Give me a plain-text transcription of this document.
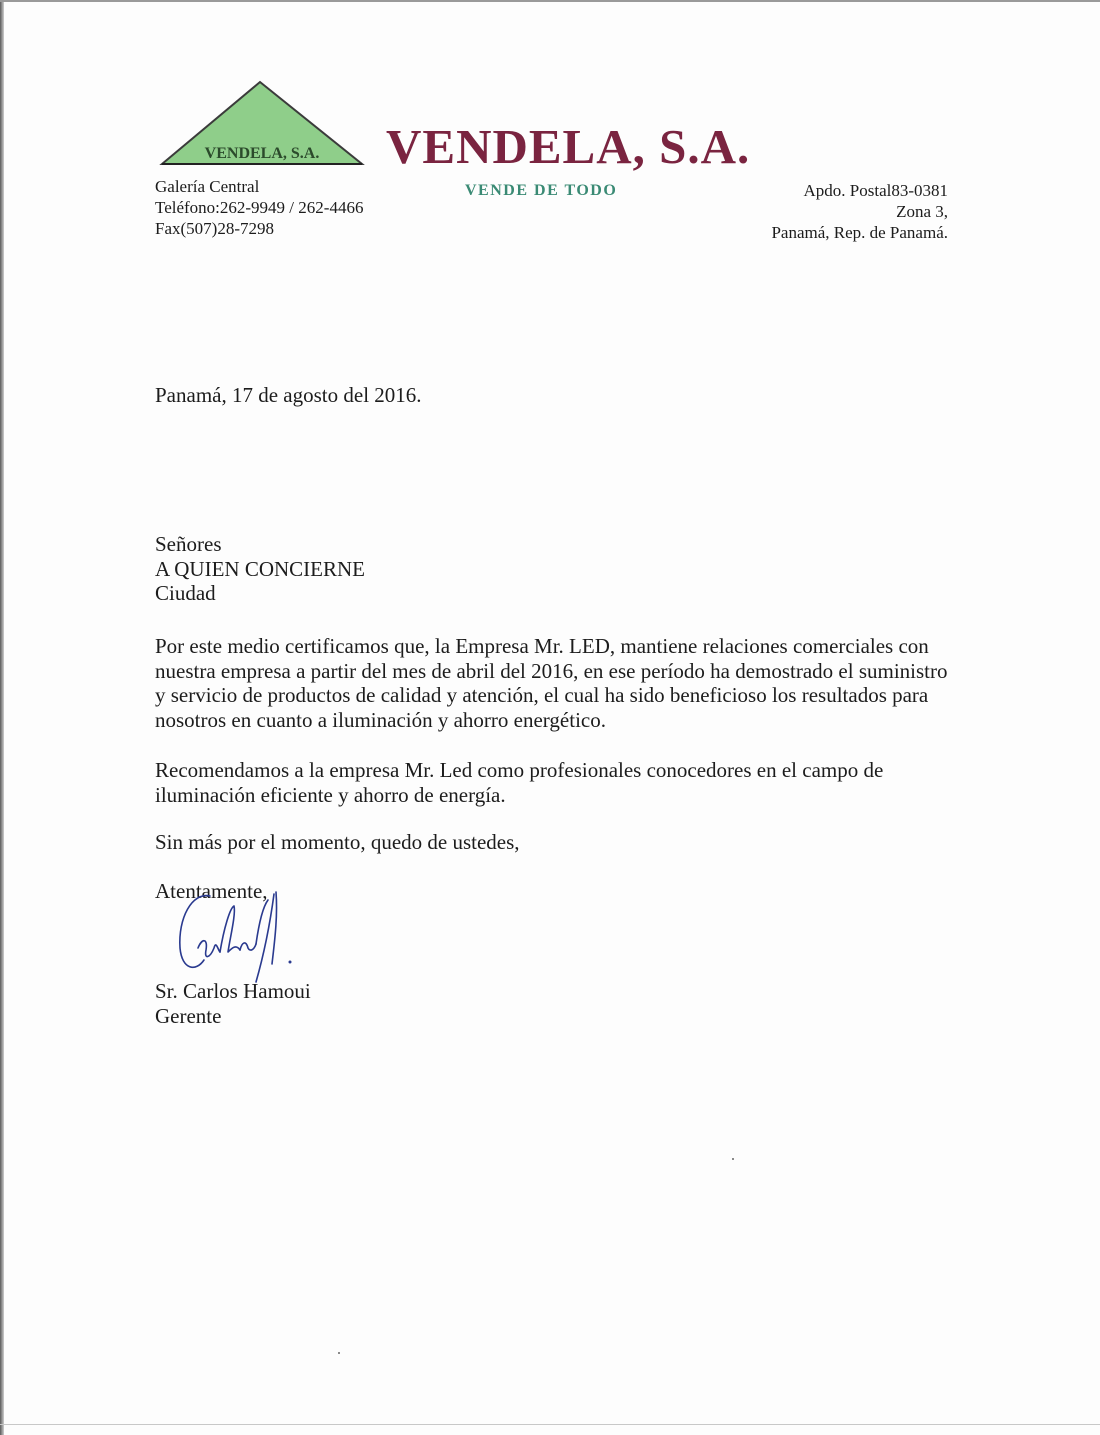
VENDELA, S.A. VENDELA, S.A.
VENDE DE TODO
Galería Central
Teléfono:262-9949 / 262-4466
Fax(507)28-7298
Apdo. Postal83-0381
Zona 3,
Panamá, Rep. de Panamá.
Panamá, 17 de agosto del 2016.
Señores
A QUIEN CONCIERNE
Ciudad

Por este medio certificamos que, la Empresa Mr. LED, mantiene relaciones comerciales con nuestra empresa a partir del mes de abril del 2016, en ese período ha demostrado el suministro y servicio de productos de calidad y atención, el cual ha sido beneficioso los resultados para nosotros en cuanto a iluminación y ahorro energético.

Recomendamos a la empresa Mr. Led como profesionales conocedores en el campo de iluminación eficiente y ahorro de energía.

Sin más por el momento, quedo de ustedes,

Atentamente,
Sr. Carlos Hamoui
Gerente
